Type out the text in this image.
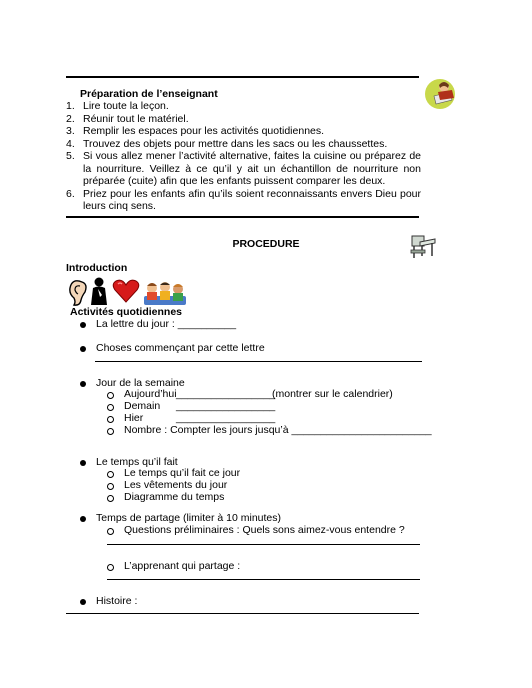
Préparation de l’enseignant
1. Lire toute la leçon.
2. Réunir tout le matériel.
3. Remplir les espaces pour les activités quotidiennes.
4. Trouvez des objets pour mettre dans les sacs ou les chaussettes.
5. Si vous allez mener l’activité alternative, faites la cuisine ou préparez de la nourriture. Veillez à ce qu’il y ait un échantillon de nourriture non préparée (cuite) afin que les enfants puissent comparer les deux.
6. Priez pour les enfants afin qu’ils soient reconnaissants envers Dieu pour leurs cinq sens.
PROCEDURE
Introduction
Activités quotidiennes
La lettre du jour : __________
Choses commençant par cette lettre
Jour de la semaine
Aujourd’hui _________________
(montrer sur le calendrier)
Demain _________________
Hier	_________________
Nombre : Compter les jours jusqu’à ________________________
Le temps qu’il fait
Le temps qu’il fait ce jour
Les vêtements du jour
Diagramme du temps
Temps de partage (limiter à 10 minutes)
Questions préliminaires : Quels sons aimez-vous entendre ?
L’apprenant qui partage :
Histoire :
